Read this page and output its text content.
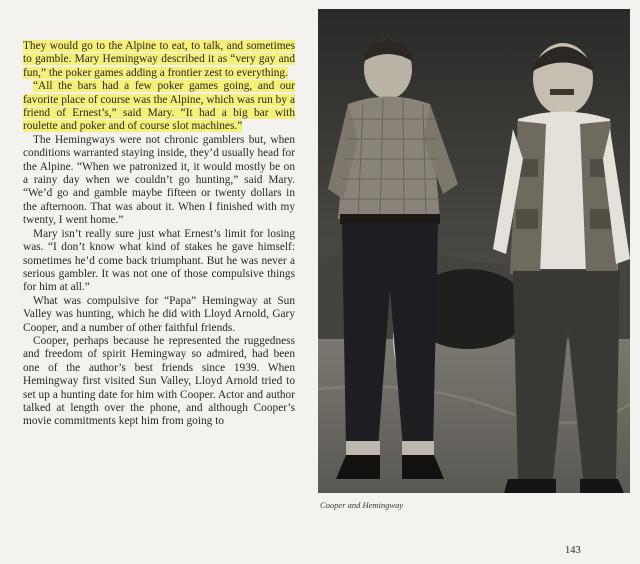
They would go to the Alpine to eat, to talk, and sometimes to gamble. Mary Hemingway described it as “very gay and fun,” the poker games adding a frontier zest to everything.

“All the bars had a few poker games going, and our favorite place of course was the Alpine, which was run by a friend of Ernest’s,” said Mary. “It had a big bar with roulette and poker and of course slot machines.”

The Hemingways were not chronic gamblers but, when conditions warranted staying inside, they’d usually head for the Alpine. “When we patronized it, it would mostly be on a rainy day when we couldn’t go hunting,” said Mary. “We’d go and gamble maybe fifteen or twenty dollars in the afternoon. That was about it. When I finished with my twenty, I went home.”

Mary isn’t really sure just what Ernest’s limit for losing was. “I don’t know what kind of stakes he gave himself: sometimes he’d come back triumphant. But he was never a serious gambler. It was not one of those compulsive things for him at all.”

What was compulsive for “Papa” Hemingway at Sun Valley was hunting, which he did with Lloyd Arnold, Gary Cooper, and a number of other faithful friends.

Cooper, perhaps because he represented the ruggedness and freedom of spirit Hemingway so admired, had been one of the author’s best friends since 1939. When Hemingway first visited Sun Valley, Lloyd Arnold tried to set up a hunting date for him with Cooper. Actor and author talked at length over the phone, and although Cooper’s movie commitments kept him from going to

Cooper and Hemingway
143
